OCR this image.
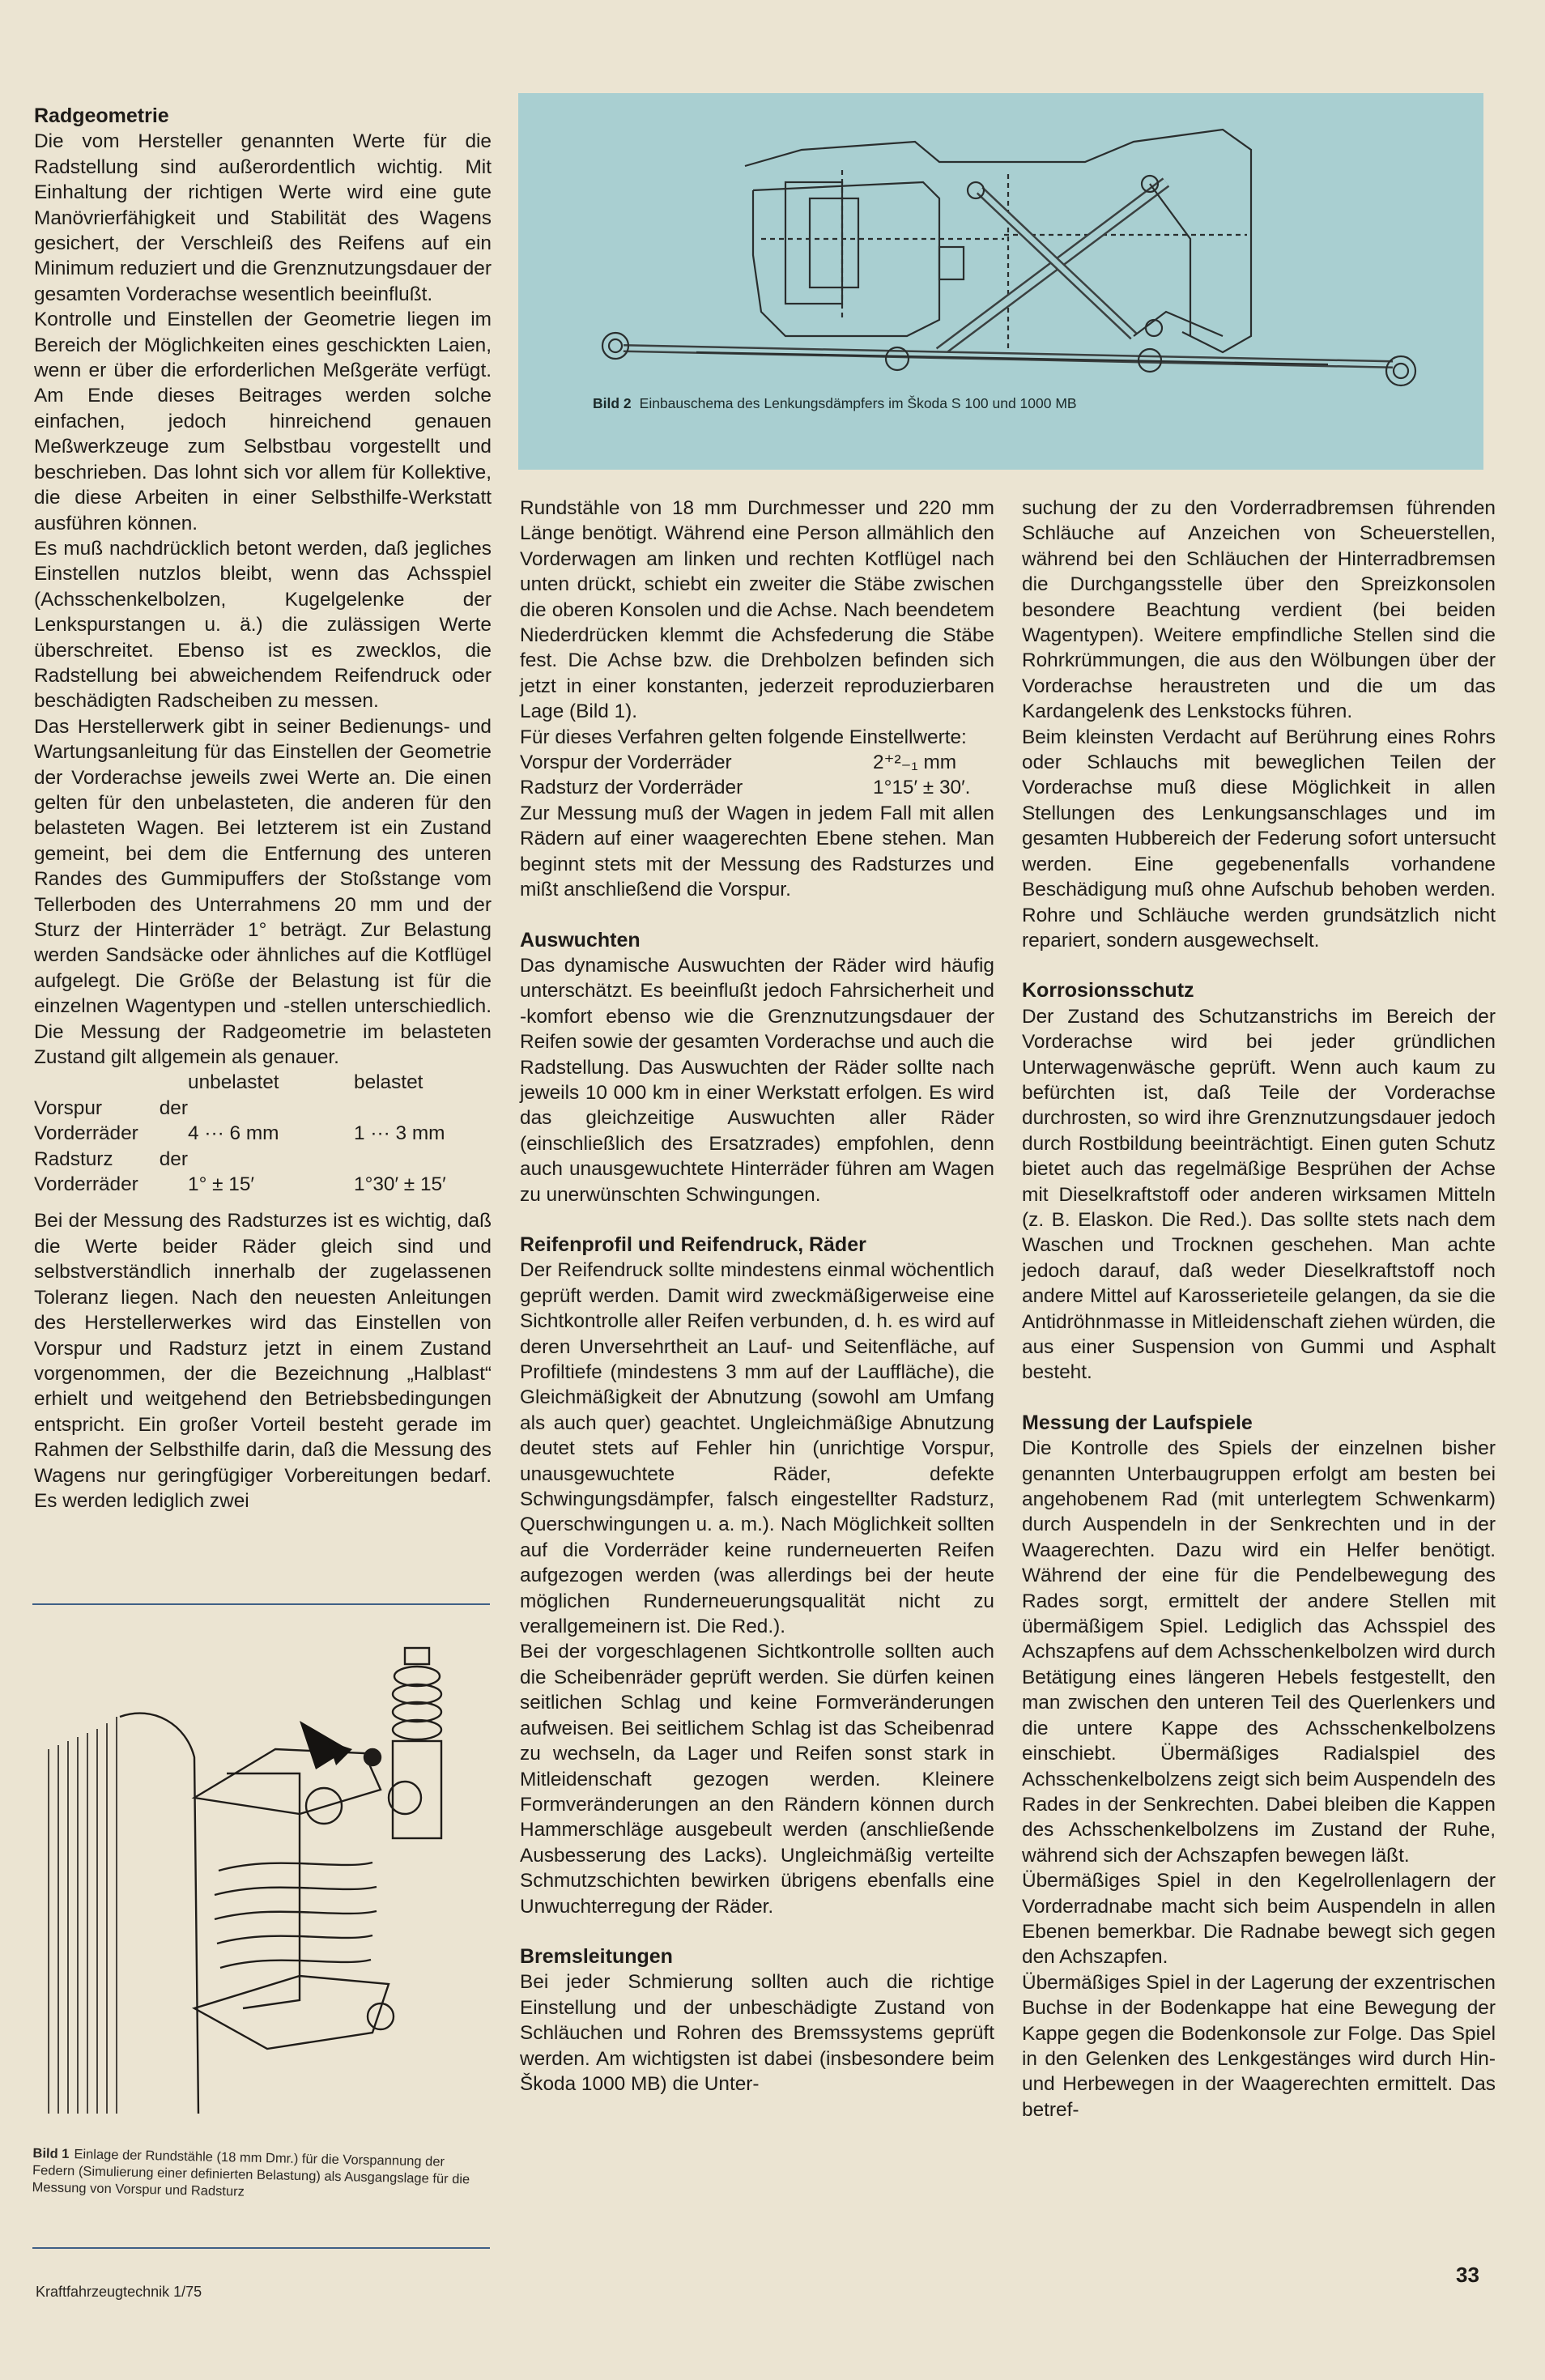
Bild 2 Einbauschema des Lenkungsdämpfers im Škoda S 100 und 1000 MB
Radgeometrie

Die vom Hersteller genannten Werte für die Radstellung sind außerordentlich wichtig. Mit Einhaltung der richtigen Werte wird eine gute Manövrierfähigkeit und Stabilität des Wagens gesichert, der Verschleiß des Reifens auf ein Minimum reduziert und die Grenznutzungsdauer der gesamten Vorderachse wesentlich beeinflußt.

Kontrolle und Einstellen der Geometrie liegen im Bereich der Möglichkeiten eines geschickten Laien, wenn er über die erforderlichen Meßgeräte verfügt. Am Ende dieses Beitrages werden solche einfachen, jedoch hinreichend genauen Meßwerkzeuge zum Selbstbau vorgestellt und beschrieben. Das lohnt sich vor allem für Kollektive, die diese Arbeiten in einer Selbsthilfe-Werkstatt ausführen können.

Es muß nachdrücklich betont werden, daß jegliches Einstellen nutzlos bleibt, wenn das Achsspiel (Achsschenkelbolzen, Kugelgelenke der Lenkspurstangen u. ä.) die zulässigen Werte überschreitet. Ebenso ist es zwecklos, die Radstellung bei abweichendem Reifendruck oder beschädigten Radscheiben zu messen.

Das Herstellerwerk gibt in seiner Bedienungs- und Wartungsanleitung für das Einstellen der Geometrie der Vorderachse jeweils zwei Werte an. Die einen gelten für den unbelasteten, die anderen für den belasteten Wagen. Bei letzterem ist ein Zustand gemeint, bei dem die Entfernung des unteren Randes des Gummipuffers der Stoßstange vom Tellerboden des Unterrahmens 20 mm und der Sturz der Hinterräder 1° beträgt. Zur Belastung werden Sandsäcke oder ähnliches auf die Kotflügel aufgelegt. Die Größe der Belastung ist für die einzelnen Wagentypen und -stellen unterschiedlich. Die Messung der Radgeometrie im belasteten Zustand gilt allgemein als genauer.

	unbelastet	belastet
Vorspur der Vorderräder	4 ··· 6 mm	1 ··· 3 mm
Radsturz der Vorderräder	1° ± 15′	1°30′ ± 15′

Bei der Messung des Radsturzes ist es wichtig, daß die Werte beider Räder gleich sind und selbstverständlich innerhalb der zugelassenen Toleranz liegen. Nach den neuesten Anleitungen des Herstellerwerkes wird das Einstellen von Vorspur und Radsturz jetzt in einem Zustand vorgenommen, der die Bezeichnung „Halblast“ erhielt und weitgehend den Betriebsbedingungen entspricht. Ein großer Vorteil besteht gerade im Rahmen der Selbsthilfe darin, daß die Messung des Wagens nur geringfügiger Vorbereitungen bedarf. Es werden lediglich zwei

Bild 1 Einlage der Rundstähle (18 mm Dmr.) für die Vorspannung der Federn (Simulierung einer definierten Belastung) als Ausgangslage für die Messung von Vorspur und Radsturz

Rundstähle von 18 mm Durchmesser und 220 mm Länge benötigt. Während eine Person allmählich den Vorderwagen am linken und rechten Kotflügel nach unten drückt, schiebt ein zweiter die Stäbe zwischen die oberen Konsolen und die Achse. Nach beendetem Niederdrücken klemmt die Achsfederung die Stäbe fest. Die Achse bzw. die Drehbolzen befinden sich jetzt in einer konstanten, jederzeit reproduzierbaren Lage (Bild 1).

Für dieses Verfahren gelten folgende Einstellwerte:

Vorspur der Vorderräder	2⁺²₋₁ mm
Radsturz der Vorderräder	1°15′ ± 30′.

Zur Messung muß der Wagen in jedem Fall mit allen Rädern auf einer waagerechten Ebene stehen. Man beginnt stets mit der Messung des Radsturzes und mißt anschließend die Vorspur.

Auswuchten

Das dynamische Auswuchten der Räder wird häufig unterschätzt. Es beeinflußt jedoch Fahrsicherheit und -komfort ebenso wie die Grenznutzungsdauer der Reifen sowie der gesamten Vorderachse und auch die Radstellung. Das Auswuchten der Räder sollte nach jeweils 10 000 km in einer Werkstatt erfolgen. Es wird das gleichzeitige Auswuchten aller Räder (einschließlich des Ersatzrades) empfohlen, denn auch unausgewuchtete Hinterräder führen am Wagen zu unerwünschten Schwingungen.

Reifenprofil und Reifendruck, Räder

Der Reifendruck sollte mindestens einmal wöchentlich geprüft werden. Damit wird zweckmäßigerweise eine Sichtkontrolle aller Reifen verbunden, d. h. es wird auf deren Unversehrtheit an Lauf- und Seitenfläche, auf Profiltiefe (mindestens 3 mm auf der Lauffläche), die Gleichmäßigkeit der Abnutzung (sowohl am Umfang als auch quer) geachtet. Ungleichmäßige Abnutzung deutet stets auf Fehler hin (unrichtige Vorspur, unausgewuchtete Räder, defekte Schwingungsdämpfer, falsch eingestellter Radsturz, Querschwingungen u. a. m.). Nach Möglichkeit sollten auf die Vorderräder keine runderneuerten Reifen aufgezogen werden (was allerdings bei der heute möglichen Runderneuerungsqualität nicht zu verallgemeinern ist. Die Red.).

Bei der vorgeschlagenen Sichtkontrolle sollten auch die Scheibenräder geprüft werden. Sie dürfen keinen seitlichen Schlag und keine Formveränderungen aufweisen. Bei seitlichem Schlag ist das Scheibenrad zu wechseln, da Lager und Reifen sonst stark in Mitleidenschaft gezogen werden. Kleinere Formveränderungen an den Rändern können durch Hammerschläge ausgebeult werden (anschließende Ausbesserung des Lacks). Ungleichmäßig verteilte Schmutzschichten bewirken übrigens ebenfalls eine Unwuchterregung der Räder.

Bremsleitungen

Bei jeder Schmierung sollten auch die richtige Einstellung und der unbeschädigte Zustand von Schläuchen und Rohren des Bremssystems geprüft werden. Am wichtigsten ist dabei (insbesondere beim Škoda 1000 MB) die Unter-

suchung der zu den Vorderradbremsen führenden Schläuche auf Anzeichen von Scheuerstellen, während bei den Schläuchen der Hinterradbremsen die Durchgangsstelle über den Spreizkonsolen besondere Beachtung verdient (bei beiden Wagentypen). Weitere empfindliche Stellen sind die Rohrkrümmungen, die aus den Wölbungen über der Vorderachse heraustreten und die um das Kardangelenk des Lenkstocks führen.

Beim kleinsten Verdacht auf Berührung eines Rohrs oder Schlauchs mit beweglichen Teilen der Vorderachse muß diese Möglichkeit in allen Stellungen des Lenkungsanschlages und im gesamten Hubbereich der Federung sofort untersucht werden. Eine gegebenenfalls vorhandene Beschädigung muß ohne Aufschub behoben werden. Rohre und Schläuche werden grundsätzlich nicht repariert, sondern ausgewechselt.

Korrosionsschutz

Der Zustand des Schutzanstrichs im Bereich der Vorderachse wird bei jeder gründlichen Unterwagenwäsche geprüft. Wenn auch kaum zu befürchten ist, daß Teile der Vorderachse durchrosten, so wird ihre Grenznutzungsdauer jedoch durch Rostbildung beeinträchtigt. Einen guten Schutz bietet auch das regelmäßige Besprühen der Achse mit Dieselkraftstoff oder anderen wirksamen Mitteln (z. B. Elaskon. Die Red.). Das sollte stets nach dem Waschen und Trocknen geschehen. Man achte jedoch darauf, daß weder Dieselkraftstoff noch andere Mittel auf Karosserieteile gelangen, da sie die Antidröhnmasse in Mitleidenschaft ziehen würden, die aus einer Suspension von Gummi und Asphalt besteht.

Messung der Laufspiele

Die Kontrolle des Spiels der einzelnen bisher genannten Unterbaugruppen erfolgt am besten bei angehobenem Rad (mit unterlegtem Schwenkarm) durch Auspendeln in der Senkrechten und in der Waagerechten. Dazu wird ein Helfer benötigt. Während der eine für die Pendelbewegung des Rades sorgt, ermittelt der andere Stellen mit übermäßigem Spiel. Lediglich das Achsspiel des Achszapfens auf dem Achsschenkelbolzen wird durch Betätigung eines längeren Hebels festgestellt, den man zwischen den unteren Teil des Querlenkers und die untere Kappe des Achsschenkelbolzens einschiebt. Übermäßiges Radialspiel des Achsschenkelbolzens zeigt sich beim Auspendeln des Rades in der Senkrechten. Dabei bleiben die Kappen des Achsschenkelbolzens im Zustand der Ruhe, während sich der Achszapfen bewegen läßt.

Übermäßiges Spiel in den Kegelrollenlagern der Vorderradnabe macht sich beim Auspendeln in allen Ebenen bemerkbar. Die Radnabe bewegt sich gegen den Achszapfen.

Übermäßiges Spiel in der Lagerung der exzentrischen Buchse in der Bodenkappe hat eine Bewegung der Kappe gegen die Bodenkonsole zur Folge. Das Spiel in den Gelenken des Lenkgestänges wird durch Hin- und Herbewegen in der Waagerechten ermittelt. Das betref-

Kraftfahrzeugtechnik 1/75
33
